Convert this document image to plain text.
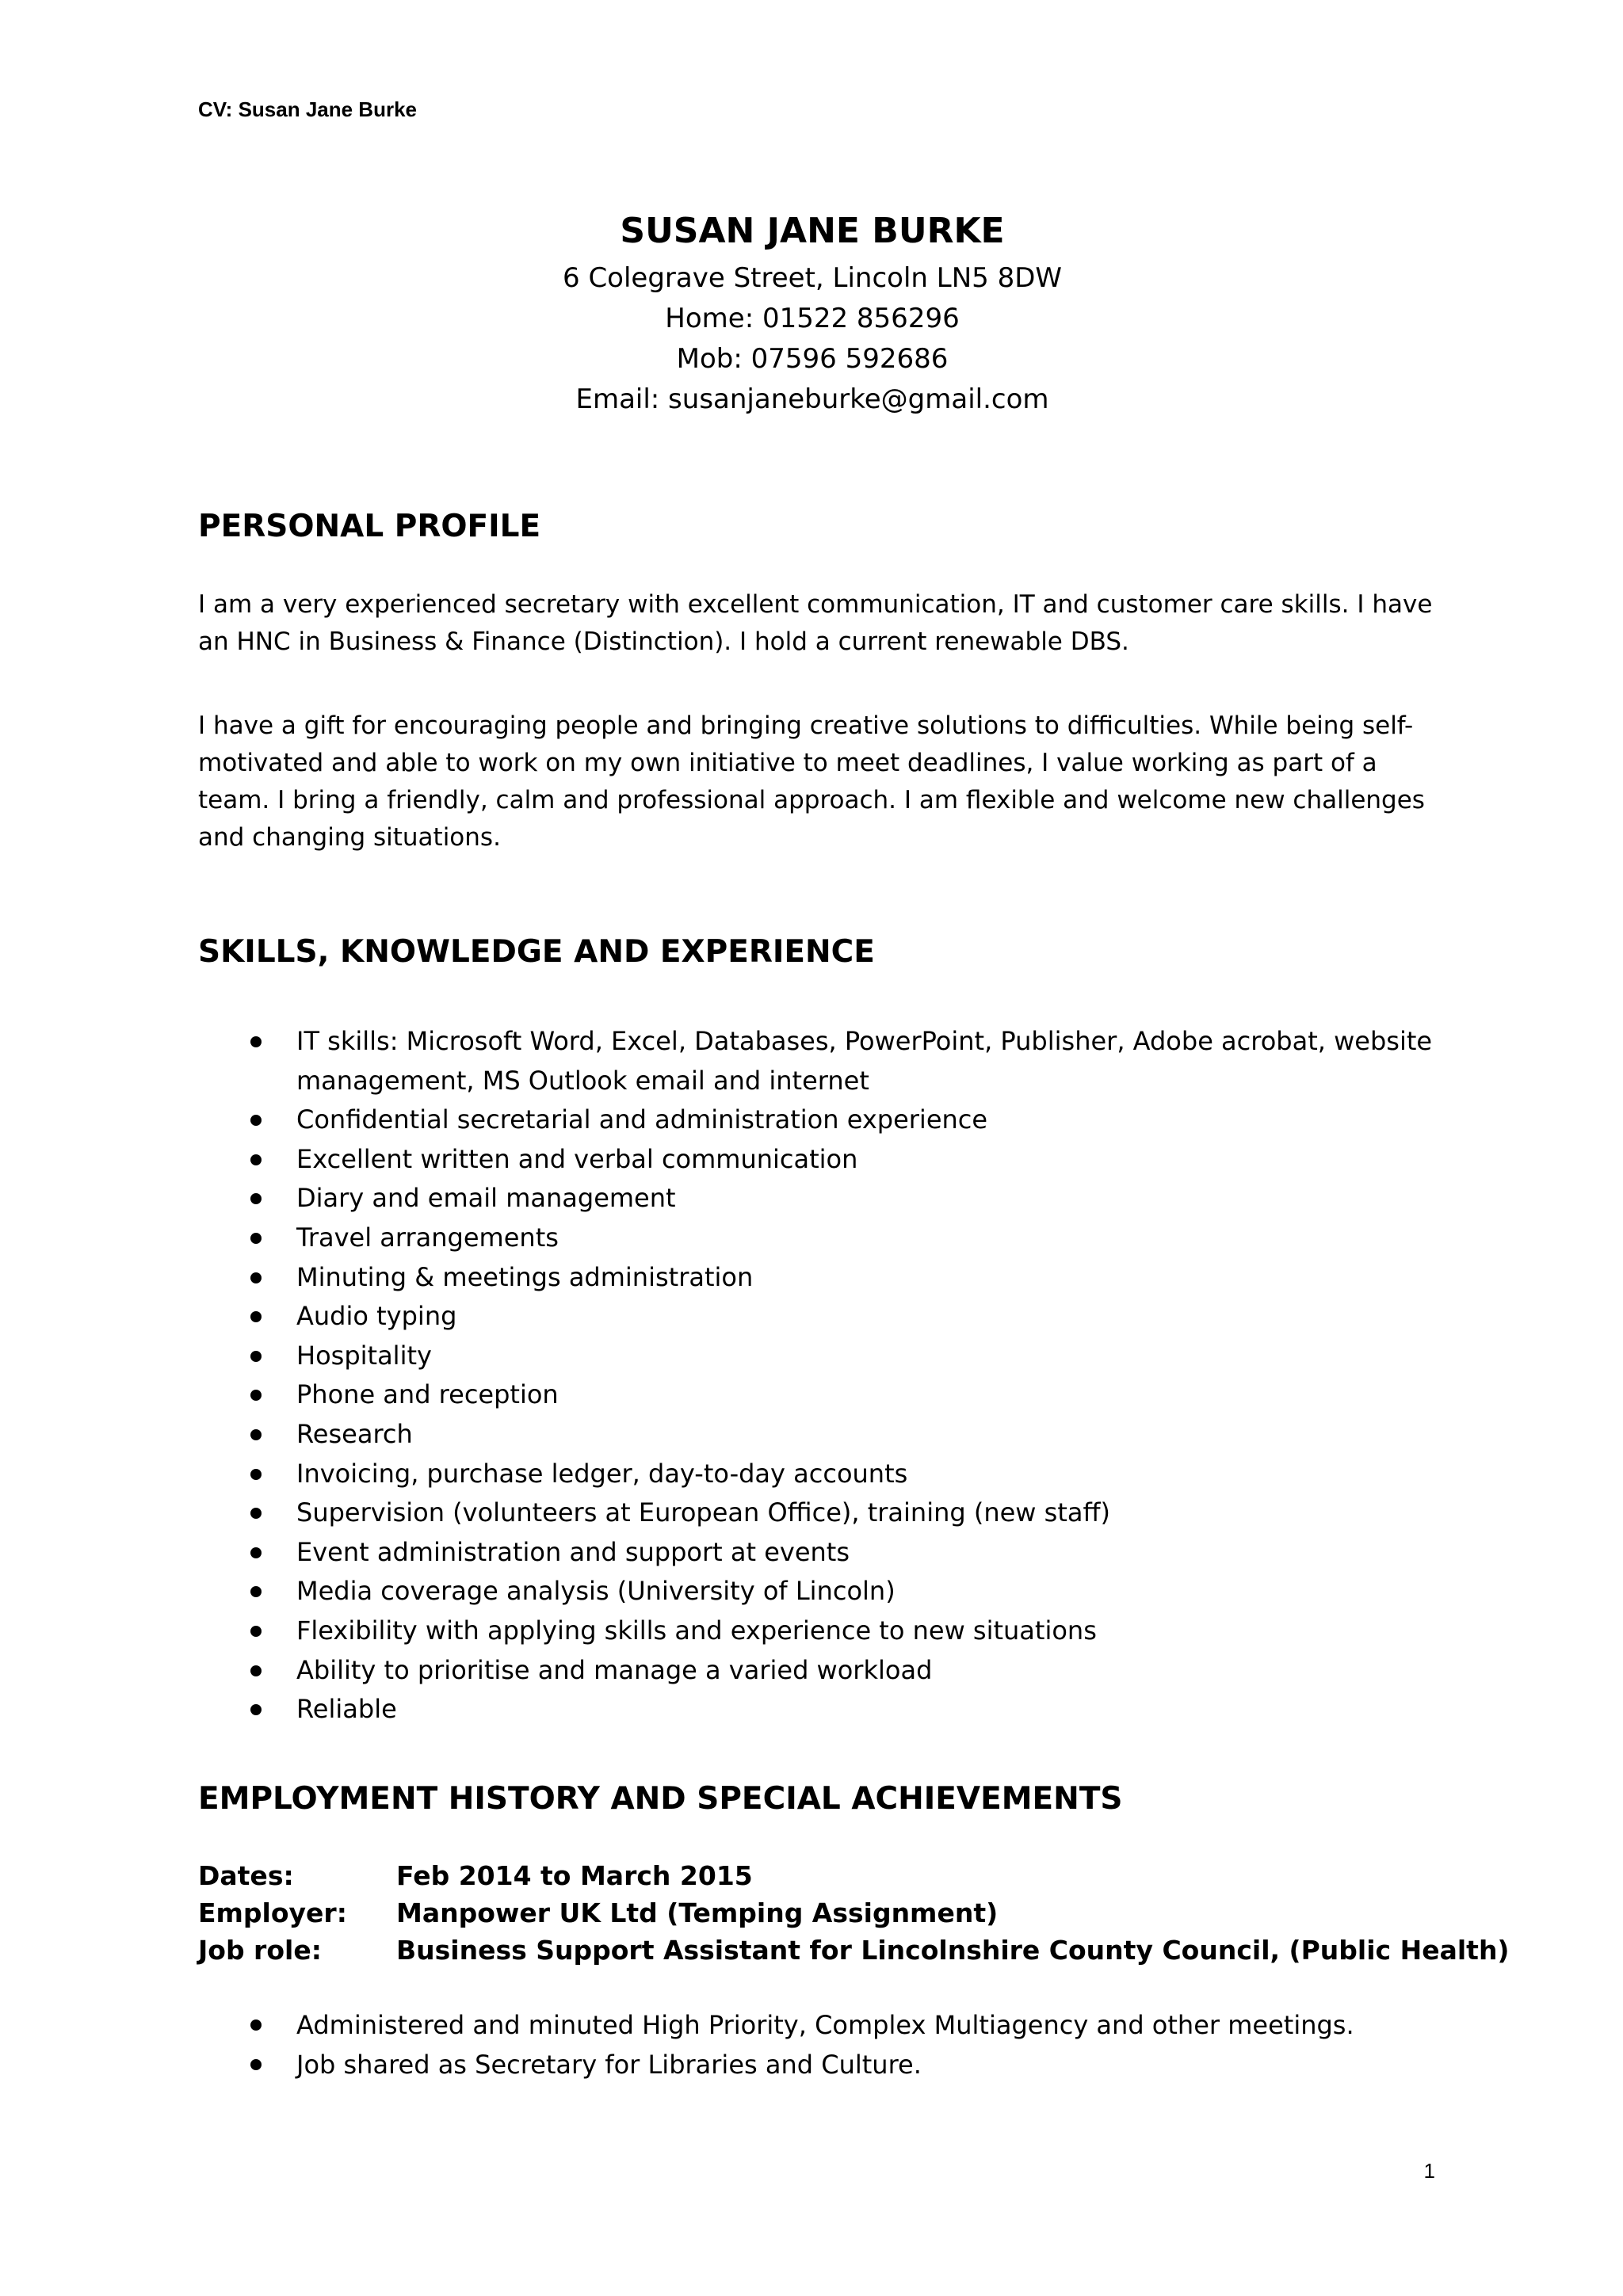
CV: Susan Jane Burke

SUSAN JANE BURKE

6 Colegrave Street, Lincoln LN5 8DW

Home: 01522 856296

Mob: 07596 592686

Email: susanjaneburke@gmail.com

PERSONAL PROFILE
I am a very experienced secretary with excellent communication, IT and customer care skills. I have
an HNC in Business & Finance (Distinction). I hold a current renewable DBS.
I have a gift for encouraging people and bringing creative solutions to difficulties. While being self-
motivated and able to work on my own initiative to meet deadlines, I value working as part of a
team. I bring a friendly, calm and professional approach. I am flexible and welcome new challenges
and changing situations.
SKILLS, KNOWLEDGE AND EXPERIENCE
IT skills: Microsoft Word, Excel, Databases, PowerPoint, Publisher, Adobe acrobat, website management, MS Outlook email and internet
Confidential secretarial and administration experience
Excellent written and verbal communication
Diary and email management
Travel arrangements
Minuting & meetings administration
Audio typing
Hospitality
Phone and reception
Research
Invoicing, purchase ledger, day-to-day accounts
Supervision (volunteers at European Office), training (new staff)
Event administration and support at events
Media coverage analysis (University of Lincoln)
Flexibility with applying skills and experience to new situations
Ability to prioritise and manage a varied workload
Reliable
EMPLOYMENT HISTORY AND SPECIAL ACHIEVEMENTS
Dates:	Feb 2014 to March 2015
Employer:	Manpower UK Ltd (Temping Assignment)
Job role:	Business Support Assistant for Lincolnshire County Council, (Public Health)
Administered and minuted High Priority, Complex Multiagency and other meetings.
Job shared as Secretary for Libraries and Culture.

1
